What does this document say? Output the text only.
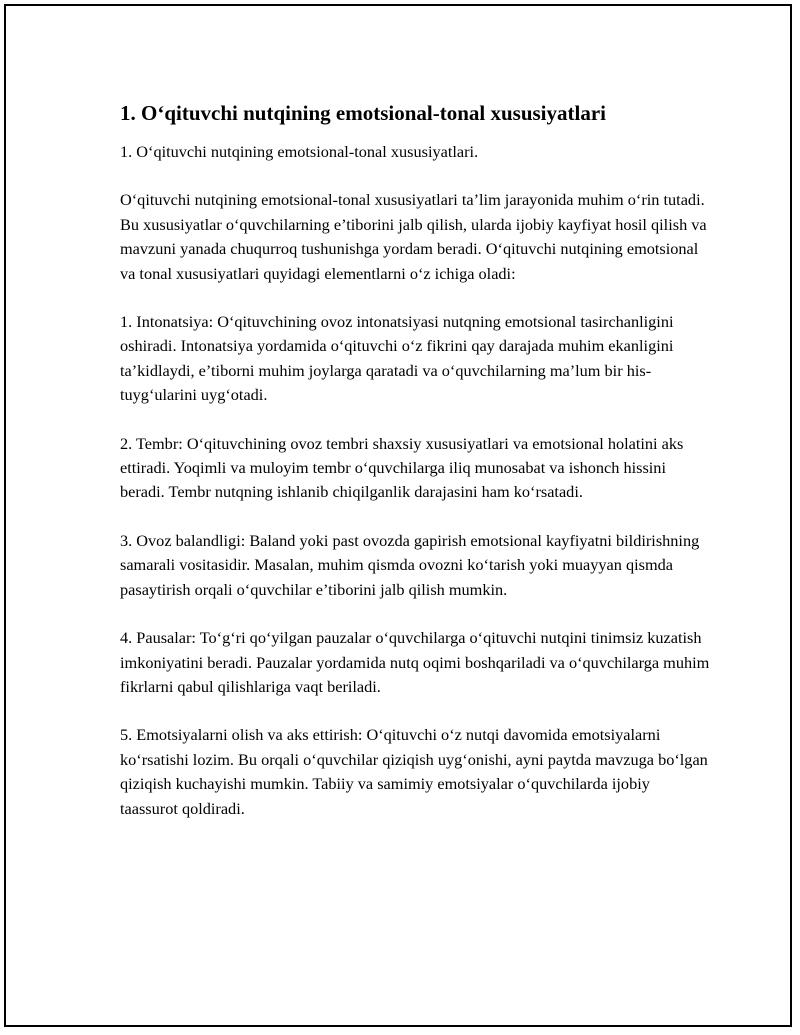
1. O‘qituvchi nutqining emotsional-tonal xususiyatlari

1. O‘qituvchi nutqining emotsional-tonal xususiyatlari.

O‘qituvchi nutqining emotsional-tonal xususiyatlari ta’lim jarayonida muhim o‘rin tutadi. Bu xususiyatlar o‘quvchilarning e’tiborini jalb qilish, ularda ijobiy kayfiyat hosil qilish va mavzuni yanada chuqurroq tushunishga yordam beradi. O‘qituvchi nutqining emotsional va tonal xususiyatlari quyidagi elementlarni o‘z ichiga oladi:

1. Intonatsiya: O‘qituvchining ovoz intonatsiyasi nutqning emotsional tasirchanligini oshiradi. Intonatsiya yordamida o‘qituvchi o‘z fikrini qay darajada muhim ekanligini ta’kidlaydi, e’tiborni muhim joylarga qaratadi va o‘quvchilarning ma’lum bir his-tuyg‘ularini uyg‘otadi.

2. Tembr: O‘qituvchining ovoz tembri shaxsiy xususiyatlari va emotsional holatini aks ettiradi. Yoqimli va muloyim tembr o‘quvchilarga iliq munosabat va ishonch hissini beradi. Tembr nutqning ishlanib chiqilganlik darajasini ham ko‘rsatadi.

3. Ovoz balandligi: Baland yoki past ovozda gapirish emotsional kayfiyatni bildirishning samarali vositasidir. Masalan, muhim qismda ovozni ko‘tarish yoki muayyan qismda pasaytirish orqali o‘quvchilar e’tiborini jalb qilish mumkin.

4. Pausalar: To‘g‘ri qo‘yilgan pauzalar o‘quvchilarga o‘qituvchi nutqini tinimsiz kuzatish imkoniyatini beradi. Pauzalar yordamida nutq oqimi boshqariladi va o‘quvchilarga muhim fikrlarni qabul qilishlariga vaqt beriladi.

5. Emotsiyalarni olish va aks ettirish: O‘qituvchi o‘z nutqi davomida emotsiyalarni ko‘rsatishi lozim. Bu orqali o‘quvchilar qiziqish uyg‘onishi, ayni paytda mavzuga bo‘lgan qiziqish kuchayishi mumkin. Tabiiy va samimiy emotsiyalar o‘quvchilarda ijobiy taassurot qoldiradi.
